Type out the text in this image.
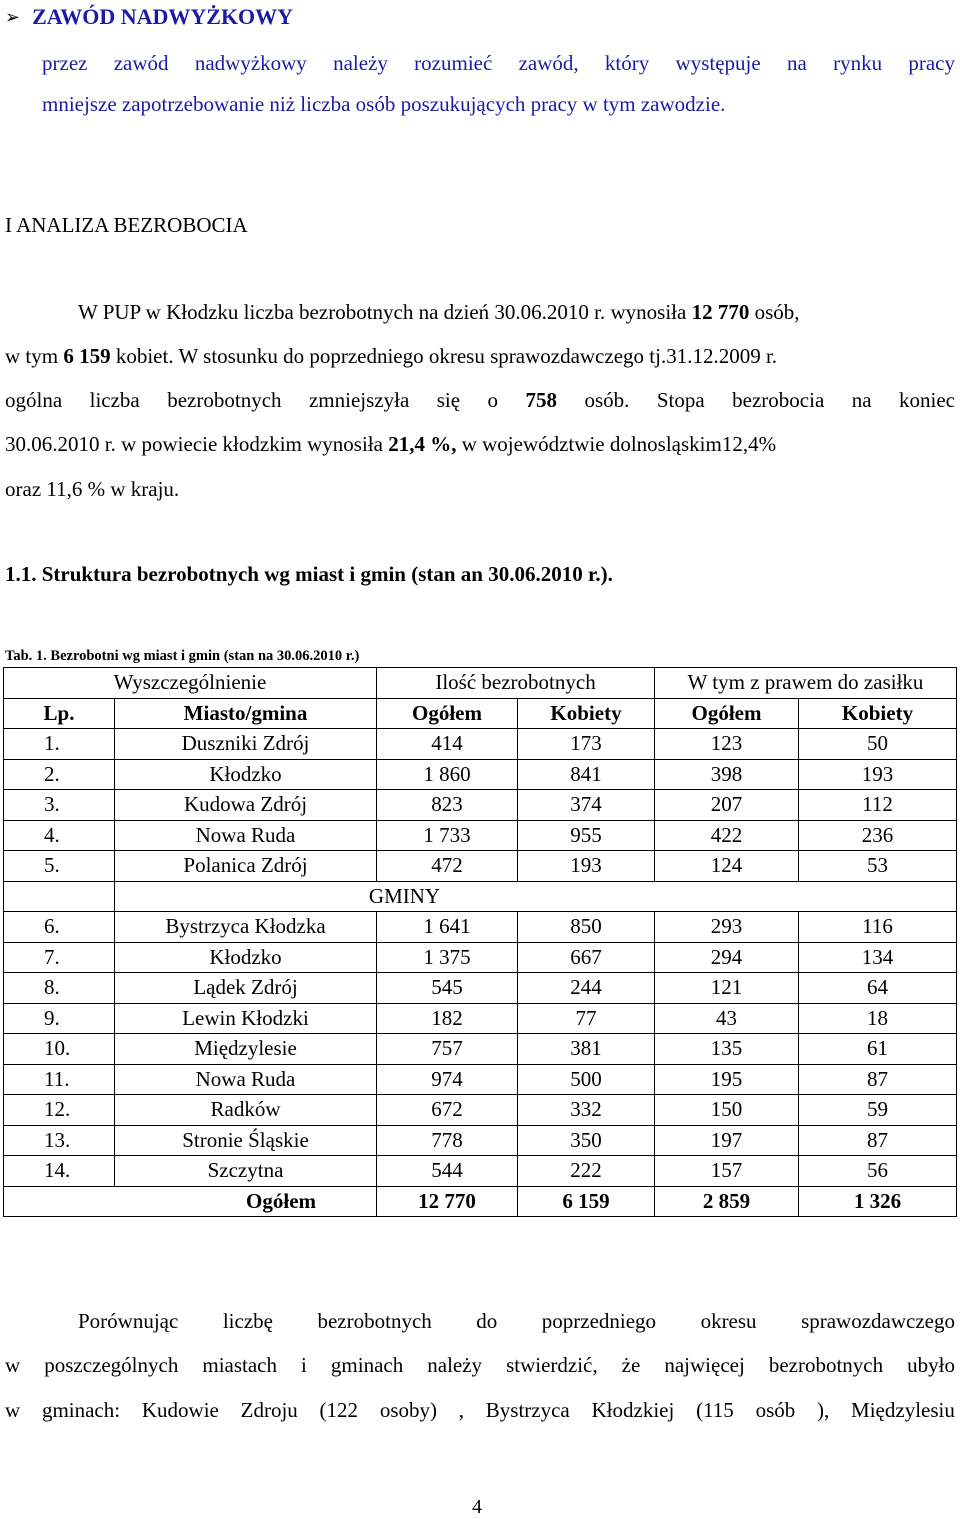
➢ ZAWÓD NADWYŻKOWY
przez zawód nadwyżkowy należy rozumieć zawód, który występuje na rynku pracy
mniejsze zapotrzebowanie niż liczba osób poszukujących pracy w tym zawodzie.
I ANALIZA BEZROBOCIA
W PUP w Kłodzku liczba bezrobotnych na dzień 30.06.2010 r. wynosiła 12 770 osób,
w tym 6 159 kobiet. W stosunku do poprzedniego okresu sprawozdawczego tj.31.12.2009 r.
ogólna liczba bezrobotnych zmniejszyła się o 758 osób. Stopa bezrobocia na koniec
30.06.2010 r. w powiecie kłodzkim wynosiła 21,4 %, w województwie dolnosląskim12,4%
oraz 11,6 % w kraju.
1.1. Struktura bezrobotnych wg miast i gmin (stan an 30.06.2010 r.).
Tab. 1. Bezrobotni wg miast i gmin (stan na 30.06.2010 r.)
Wyszczególnienie		Ilość bezrobotnych		W tym z prawem do zasiłku	
Lp.	Miasto/gmina	Ogółem	Kobiety	Ogółem	Kobiety
1.	Duszniki Zdrój	414	173	123	50
2.	Kłodzko	1 860	841	398	193
3.	Kudowa Zdrój	823	374	207	112
4.	Nowa Ruda	1 733	955	422	236
5.	Polanica Zdrój	472	193	124	53
	GMINY				
6.	Bystrzyca Kłodzka	1 641	850	293	116
7.	Kłodzko	1 375	667	294	134
8.	Lądek Zdrój	545	244	121	64
9.	Lewin Kłodzki	182	77	43	18
10.	Międzylesie	757	381	135	61
11.	Nowa Ruda	974	500	195	87
12.	Radków	672	332	150	59
13.	Stronie Śląskie	778	350	197	87
14.	Szczytna	544	222	157	56
Ogółem		12 770	6 159	2 859	1 326
Porównując liczbę bezrobotnych do poprzedniego okresu sprawozdawczego
w poszczególnych miastach i gminach należy stwierdzić, że najwięcej bezrobotnych ubyło
w gminach: Kudowie Zdroju (122 osoby) , Bystrzyca Kłodzkiej (115 osób ), Międzylesiu
4
